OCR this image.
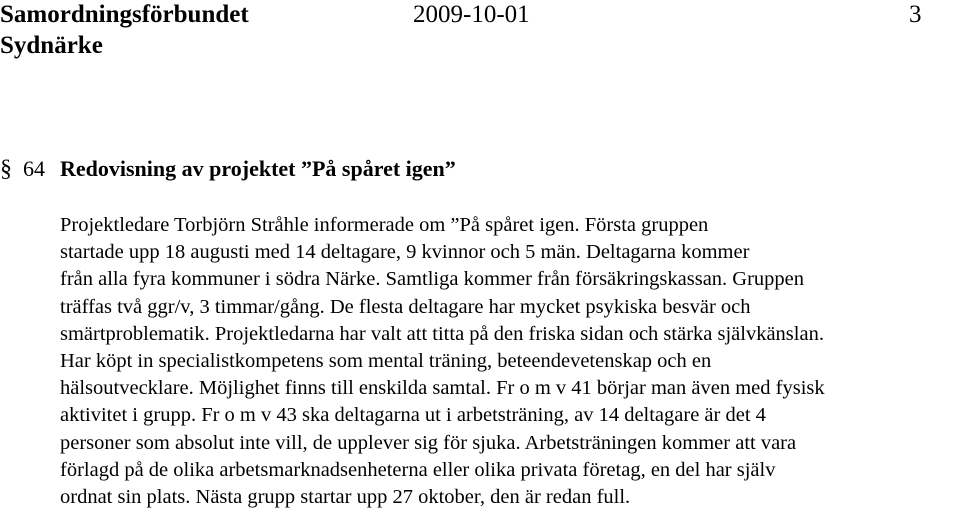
Samordningsförbundet	2009-10-01	3
Sydnärke
§ 64 Redovisning av projektet ”På spåret igen”
Projektledare Torbjörn Stråhle informerade om ”På spåret igen. Första gruppen
startade upp 18 augusti med 14 deltagare, 9 kvinnor och 5 män. Deltagarna kommer
från alla fyra kommuner i södra Närke. Samtliga kommer från försäkringskassan. Gruppen
träffas två ggr/v, 3 timmar/gång. De flesta deltagare har mycket psykiska besvär och
smärtproblematik. Projektledarna har valt att titta på den friska sidan och stärka självkänslan.
Har köpt in specialistkompetens som mental träning, beteendevetenskap och en
hälsoutvecklare. Möjlighet finns till enskilda samtal. Fr o m v 41 börjar man även med fysisk
aktivitet i grupp. Fr o m v 43 ska deltagarna ut i arbetsträning, av 14 deltagare är det 4
personer som absolut inte vill, de upplever sig för sjuka. Arbetsträningen kommer att vara
förlagd på de olika arbetsmarknadsenheterna eller olika privata företag, en del har själv
ordnat sin plats. Nästa grupp startar upp 27 oktober, den är redan full.
